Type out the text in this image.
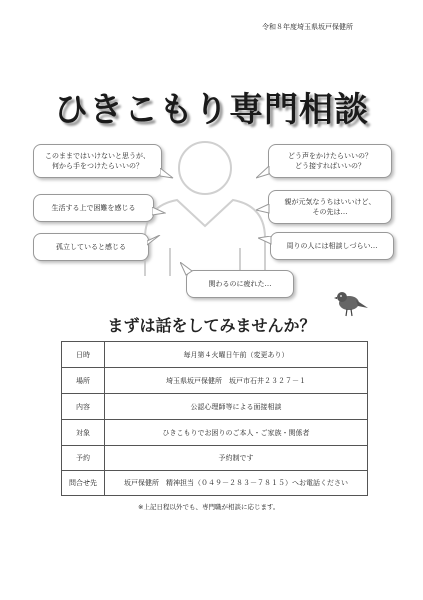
令和８年度埼玉県坂戸保健所
ひきこもり専門相談
このままではいけないと思うが、
何から手をつけたらいいの？
生活する上で困難を感じる
孤立していると感じる
どう声をかけたらいいの？
どう接すればいいの？
親が元気なうちはいいけど、
その先は…
周りの人には相談しづらい…
関わるのに疲れた…
まずは話をしてみませんか？
日時	毎月第４火曜日午前（変更あり）
場所	埼玉県坂戸保健所　坂戸市石井２３２７－１
内容	公認心理師等による面接相談
対象	ひきこもりでお困りのご本人・ご家族・関係者
予約	予約制です
問合せ先	坂戸保健所　精神担当（０４９－２８３－７８１５）へお電話ください
※上記日程以外でも、専門職が相談に応じます。
